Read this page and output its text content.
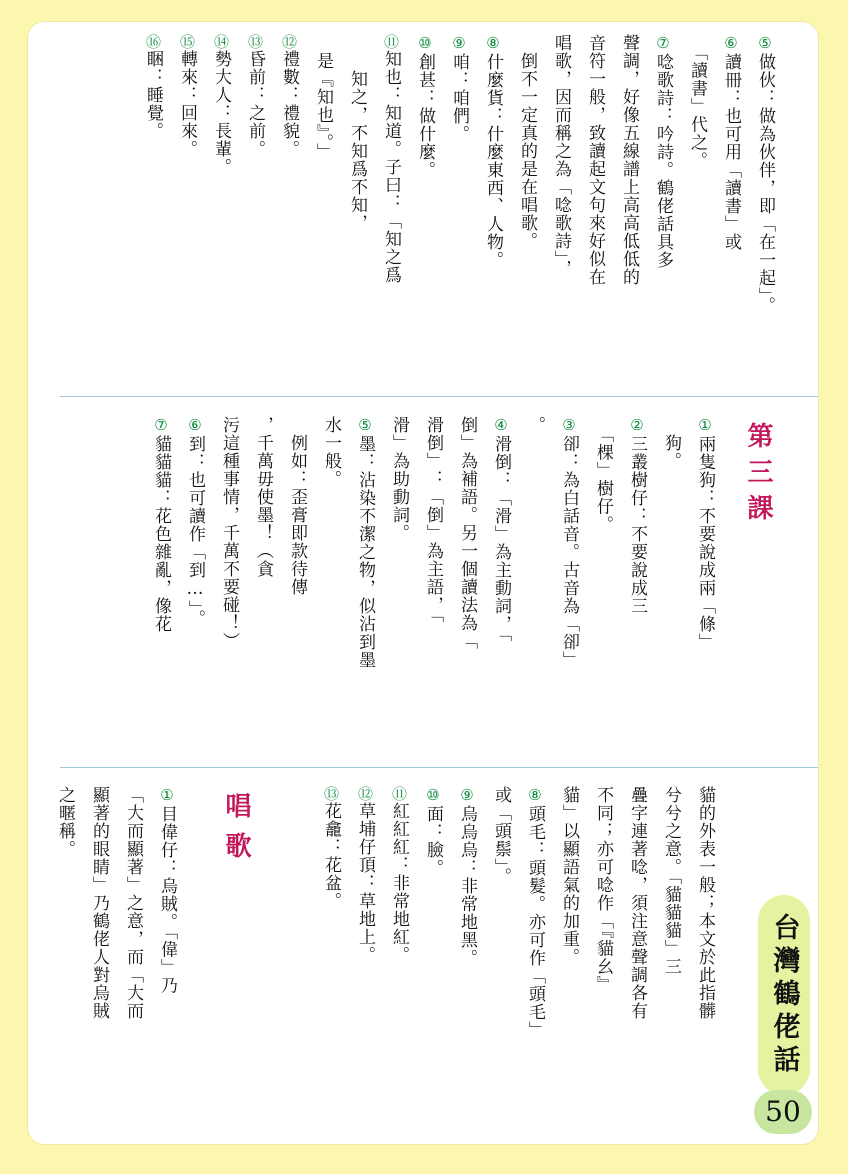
⑤做伙：做為伙伴，即「在一起」。
⑥讀冊：也可用「讀書」或
　「讀書」代之。
⑦唸歌詩：吟詩。鶴佬話具多
聲調，好像五線譜上高高低低的
音符一般，致讀起文句來好似在
唱歌，因而稱之為「唸歌詩」，
　倒不一定真的是在唱歌。
⑧什麼貨：什麼東西、人物。
⑨咱：咱們。
⑩創甚：做什麼。
⑪知也：知道。子曰：「知之爲
　　知之，不知爲不知，
　是『知也』。」
⑫禮數：禮貌。
⑬昏前：之前。
⑭勢大人：長輩。
⑮轉來：回來。
⑯睏：睡覺。
第三課
①兩隻狗：不要說成兩「條」
　狗。
②三叢樹仔：不要說成三
　「棵」樹仔。
③卻：為白話音。古音為「卻」
。
④滑倒：「滑」為主動詞，「
倒」為補語。另一個讀法為「
滑倒」：「倒」為主語，「
滑」為助動詞。
⑤墨：沾染不潔之物，似沾到墨
水一般。
　例如：歪膏即款待傳
，千萬毋使墨！（貪
污這種事情，千萬不要碰！）
⑥到：也可讀作「到…」。
⑦貓貓貓：花色雜亂，像花
貓的外表一般；本文於此指髒
兮兮之意。「貓貓貓」三
疊字連著唸，須注意聲調各有
不同；亦可唸作「『貓幺』
貓」以顯語氣的加重。
⑧頭毛：頭髮。亦可作「頭毛」
或「頭鬃」。
⑨烏烏烏：非常地黑。
⑩面：臉。
⑪紅紅紅：非常地紅。
⑫草埔仔頂：草地上。
⑬花龕：花盆。
唱歌
①目偉仔：烏賊。「偉」乃
「大而顯著」之意，而「大而
顯著的眼睛」乃鶴佬人對烏賊
之暱稱。
台灣鶴佬話
50
